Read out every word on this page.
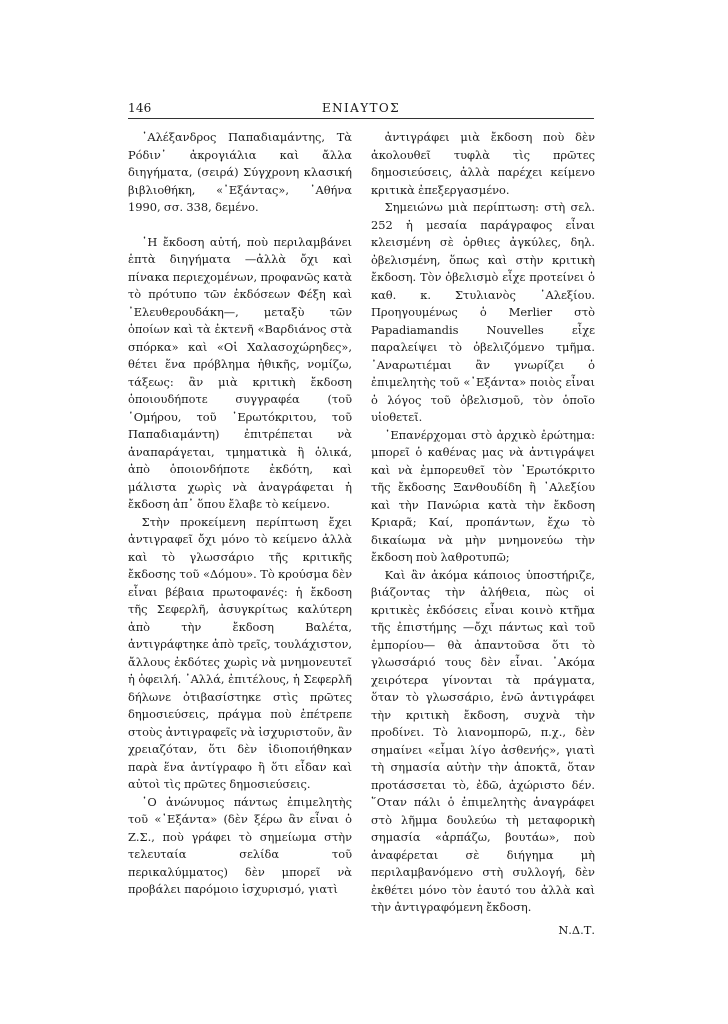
146	ΕΝΙΑΥΤΟΣ

᾿Αλέξανδρος Παπαδιαμάντης, Τὰ Ρόδιν᾿ ἀκρογιάλια καὶ ἄλλα διηγήματα, (σειρά) Σύγχρονη κλασική βιβλιοθήκη, «᾿Εξάντας», ᾿Αθήνα 1990, σσ. 338, δεμένο.

῾Η ἔκδοση αὐτή, ποὺ περιλαμβάνει ἑπτὰ διηγήματα —ἀλλὰ ὄχι καὶ πίνακα περιεχομένων, προφανῶς κατὰ τὸ πρότυπο τῶν ἐκδόσεων Φέξη καὶ ᾿Ελευθερουδάκη—, μεταξὺ τῶν ὁποίων καὶ τὰ ἐκτενῆ «Βαρδιάνος στὰ σπόρκα» καὶ «Οἱ Χαλασοχώρηδες», θέτει ἕνα πρόβλημα ἠθικῆς, νομίζω, τάξεως: ἂν μιὰ κριτικὴ ἔκδοση ὁποιουδήποτε συγγραφέα (τοῦ ῾Ομήρου, τοῦ ᾿Ερωτόκριτου, τοῦ Παπαδιαμάντη) ἐπιτρέπεται νὰ ἀναπαράγεται, τμηματικὰ ἢ ὁλικά, ἀπὸ ὁποιονδήποτε ἐκδότη, καὶ μάλιστα χωρὶς νὰ ἀναγράφεται ἡ ἔκδοση ἀπ᾿ ὅπου ἔλαβε τὸ κείμενο.

Στὴν προκείμενη περίπτωση ἔχει ἀντιγραφεῖ ὄχι μόνο τὸ κείμενο ἀλλὰ καὶ τὸ γλωσσάριο τῆς κριτικῆς ἔκδοσης τοῦ «Δόμου». Τὸ κρούσμα δὲν εἶναι βέβαια πρωτοφανές: ἡ ἔκδοση τῆς Σεφερλῆ, ἀσυγκρίτως καλύτερη ἀπὸ τὴν ἔκδοση Βαλέτα, ἀντιγράφτηκε ἀπὸ τρεῖς, τουλάχιστον, ἄλλους ἐκδότες χωρὶς νὰ μνημονευτεῖ ἡ ὀφειλή. ᾿Αλλά, ἐπιτέλους, ἡ Σεφερλῆ δήλωνε ὀτιβασίστηκε στὶς πρῶτες δημοσιεύσεις, πράγμα ποὺ ἐπέτρεπε στοὺς ἀντιγραφεῖς νὰ ἰσχυριστοῦν, ἂν χρειαζόταν, ὅτι δὲν ἰδιοποιήθηκαν παρὰ ἕνα ἀντίγραφο ἢ ὅτι εἶδαν καὶ αὐτοὶ τὶς πρῶτες δημοσιεύσεις.

῾Ο ἀνώνυμος πάντως ἐπιμελητὴς τοῦ «᾿Εξάντα» (δὲν ξέρω ἂν εἶναι ὁ Ζ.Σ., ποὺ γράφει τὸ σημείωμα στὴν τελευταία σελίδα τοῦ περικαλύμματος) δὲν μπορεῖ νὰ προβάλει παρόμοιο ἰσχυρισμό, γιατὶ

ἀντιγράφει μιὰ ἔκδοση ποὺ δὲν ἀκολουθεῖ τυφλὰ τὶς πρῶτες δημοσιεύσεις, ἀλλὰ παρέχει κείμενο κριτικὰ ἐπεξεργασμένο.

Σημειώνω μιὰ περίπτωση: στὴ σελ. 252 ἡ μεσαία παράγραφος εἶναι κλεισμένη σὲ ὀρθιες ἀγκύλες, δηλ. ὀβελισμένη, ὅπως καὶ στὴν κριτικὴ ἔκδοση. Τὸν ὀβελισμὸ εἶχε προτείνει ὁ καθ. κ. Στυλιανὸς ᾿Αλεξίου. Προηγουμένως ὁ Merlier στὸ Papadiamandis Nouvelles εἶχε παραλείψει τὸ ὀβελιζόμενο τμῆμα. ᾿Αναρωτιέμαι ἂν γνωρίζει ὁ ἐπιμελητὴς τοῦ «᾿Εξάντα» ποιὸς εἶναι ὁ λόγος τοῦ ὀβελισμοῦ, τὸν ὁποῖο υἱοθετεῖ.

᾿Επανέρχομαι στὸ ἀρχικὸ ἐρώτημα: μπορεῖ ὁ καθένας μας νὰ ἀντιγράψει καὶ νὰ ἐμπορευθεῖ τὸν ᾿Ερωτόκριτο τῆς ἔκδοσης Ξανθουδίδη ἢ ᾿Αλεξίου καὶ τὴν Πανώρια κατὰ τὴν ἔκδοση Κριαρᾶ; Καί, προπάντων, ἔχω τὸ δικαίωμα νὰ μὴν μνημονεύω τὴν ἔκδοση ποὺ λαθροτυπῶ;

Καὶ ἂν ἀκόμα κάποιος ὑποστήριζε, βιάζοντας τὴν ἀλήθεια, πὼς οἱ κριτικὲς ἐκδόσεις εἶναι κοινὸ κτῆμα τῆς ἐπιστήμης —ὄχι πάντως καὶ τοῦ ἐμπορίου— θὰ ἀπαντοῦσα ὅτι τὸ γλωσσάριό τους δὲν εἶναι. ᾿Ακόμα χειρότερα γίνονται τὰ πράγματα, ὅταν τὸ γλωσσάριο, ἐνῶ ἀντιγράφει τὴν κριτικὴ ἔκδοση, συχνὰ τὴν προδίνει. Τὸ λιανομπορῶ, π.χ., δὲν σημαίνει «εἶμαι λίγο ἀσθενής», γιατὶ τὴ σημασία αὐτὴν τὴν ἀποκτᾶ, ὅταν προτάσσεται τὸ, ἐδῶ, ἀχώριστο δέν. ῞Οταν πάλι ὁ ἐπιμελητὴς ἀναγράφει στὸ λῆμμα δουλεύω τὴ μεταφορικὴ σημασία «ἁρπάζω, βουτάω», ποὺ ἀναφέρεται σὲ διήγημα μὴ περιλαμβανόμενο στὴ συλλογή, δὲν ἐκθέτει μόνο τὸν ἑαυτό του ἀλλὰ καὶ τὴν ἀντιγραφόμενη ἔκδοση.

Ν.Δ.Τ.
